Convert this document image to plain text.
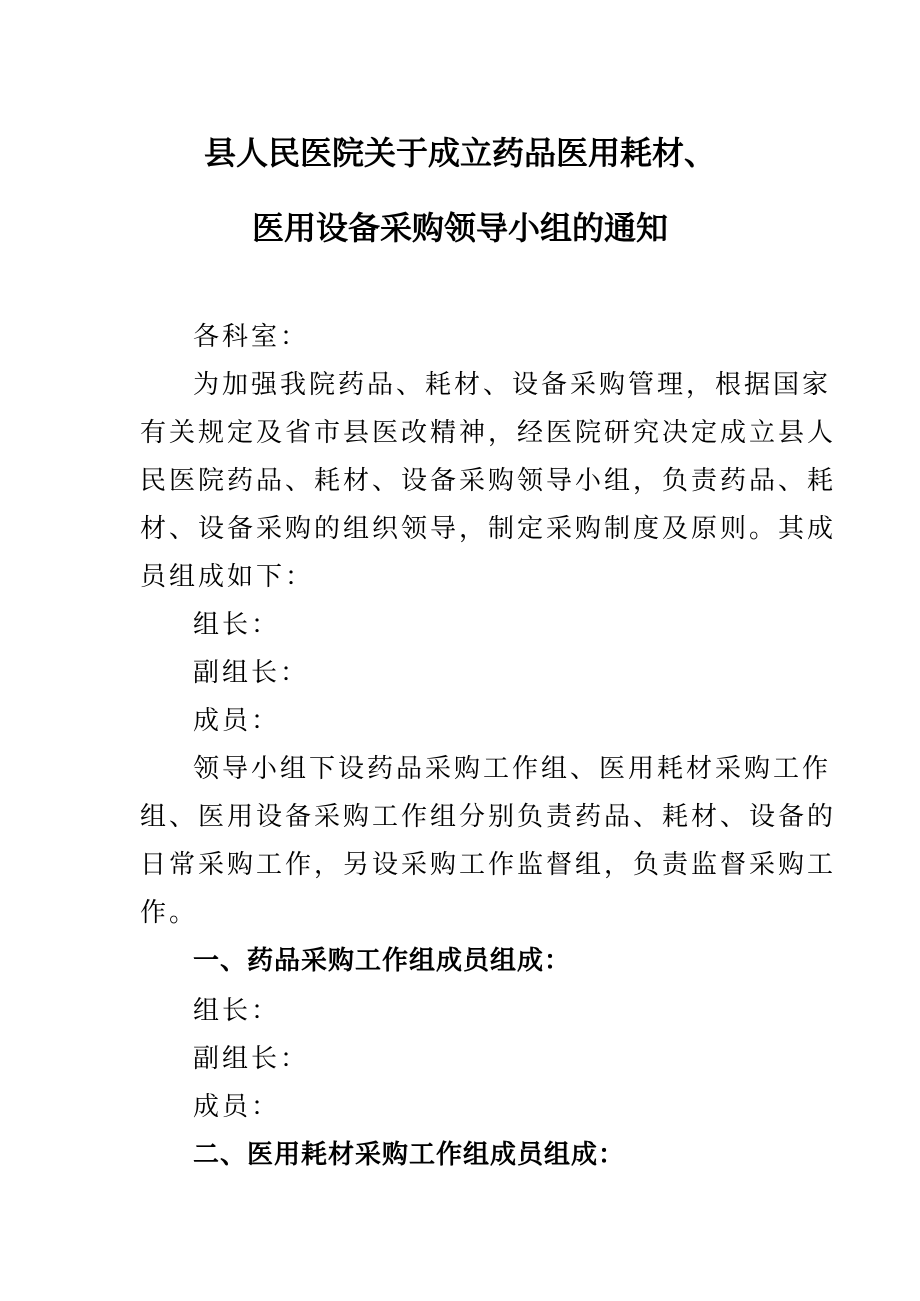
县人民医院关于成立药品医用耗材、
医用设备采购领导小组的通知
各科室：
为加强我院药品、耗材、设备采购管理，根据国家
有关规定及省市县医改精神，经医院研究决定成立县人
民医院药品、耗材、设备采购领导小组，负责药品、耗
材、设备采购的组织领导，制定采购制度及原则。其成
员组成如下：
组长：
副组长：
成员：
领导小组下设药品采购工作组、医用耗材采购工作
组、医用设备采购工作组分别负责药品、耗材、设备的
日常采购工作，另设采购工作监督组，负责监督采购工
作。
一、药品采购工作组成员组成：
组长：
副组长：
成员：
二、医用耗材采购工作组成员组成：
